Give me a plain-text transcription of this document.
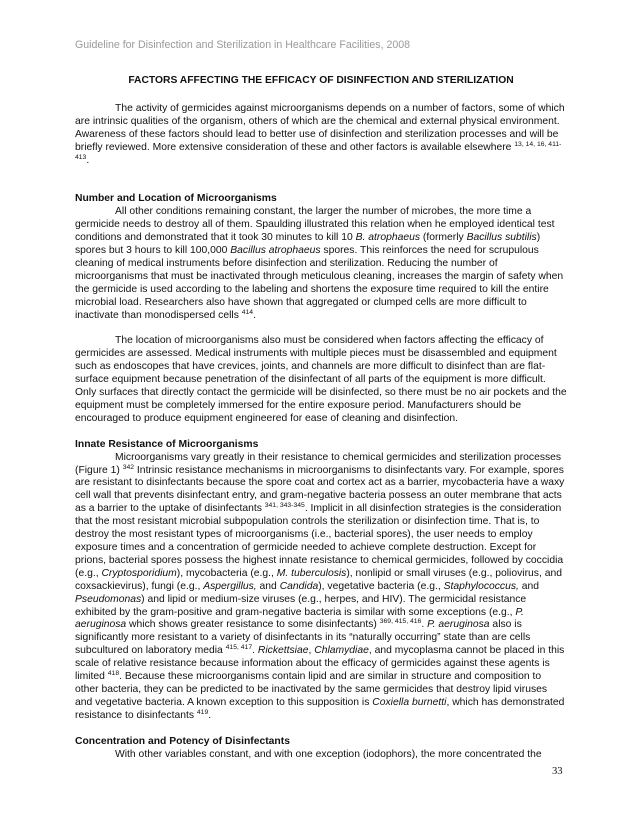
Guideline for Disinfection and Sterilization in Healthcare Facilities, 2008
FACTORS AFFECTING THE EFFICACY OF DISINFECTION AND STERILIZATION

The activity of germicides against microorganisms depends on a number of factors, some of which are intrinsic qualities of the organism, others of which are the chemical and external physical environment. Awareness of these factors should lead to better use of disinfection and sterilization processes and will be briefly reviewed. More extensive consideration of these and other factors is available elsewhere $^{13, 14, 16, 411-413}$.

Number and Location of Microorganisms

All other conditions remaining constant, the larger the number of microbes, the more time a germicide needs to destroy all of them. Spaulding illustrated this relation when he employed identical test conditions and demonstrated that it took 30 minutes to kill 10 B. atrophaeus (formerly Bacillus subtilis) spores but 3 hours to kill 100,000 Bacillus atrophaeus spores. This reinforces the need for scrupulous cleaning of medical instruments before disinfection and sterilization. Reducing the number of microorganisms that must be inactivated through meticulous cleaning, increases the margin of safety when the germicide is used according to the labeling and shortens the exposure time required to kill the entire microbial load. Researchers also have shown that aggregated or clumped cells are more difficult to inactivate than monodispersed cells $^{414}$.

The location of microorganisms also must be considered when factors affecting the efficacy of germicides are assessed. Medical instruments with multiple pieces must be disassembled and equipment such as endoscopes that have crevices, joints, and channels are more difficult to disinfect than are flat-surface equipment because penetration of the disinfectant of all parts of the equipment is more difficult. Only surfaces that directly contact the germicide will be disinfected, so there must be no air pockets and the equipment must be completely immersed for the entire exposure period. Manufacturers should be encouraged to produce equipment engineered for ease of cleaning and disinfection.

Innate Resistance of Microorganisms

Microorganisms vary greatly in their resistance to chemical germicides and sterilization processes (Figure 1) $^{342}$ Intrinsic resistance mechanisms in microorganisms to disinfectants vary. For example, spores are resistant to disinfectants because the spore coat and cortex act as a barrier, mycobacteria have a waxy cell wall that prevents disinfectant entry, and gram-negative bacteria possess an outer membrane that acts as a barrier to the uptake of disinfectants $^{341, 343-345}$. Implicit in all disinfection strategies is the consideration that the most resistant microbial subpopulation controls the sterilization or disinfection time. That is, to destroy the most resistant types of microorganisms (i.e., bacterial spores), the user needs to employ exposure times and a concentration of germicide needed to achieve complete destruction. Except for prions, bacterial spores possess the highest innate resistance to chemical germicides, followed by coccidia (e.g., Cryptosporidium), mycobacteria (e.g., M. tuberculosis), nonlipid or small viruses (e.g., poliovirus, and coxsackievirus), fungi (e.g., Aspergillus, and Candida), vegetative bacteria (e.g., Staphylococcus, and Pseudomonas) and lipid or medium-size viruses (e.g., herpes, and HIV). The germicidal resistance exhibited by the gram-positive and gram-negative bacteria is similar with some exceptions (e.g., P. aeruginosa which shows greater resistance to some disinfectants) $^{369, 415, 416}$. P. aeruginosa also is significantly more resistant to a variety of disinfectants in its “naturally occurring” state than are cells subcultured on laboratory media $^{415, 417}$. Rickettsiae, Chlamydiae, and mycoplasma cannot be placed in this scale of relative resistance because information about the efficacy of germicides against these agents is limited $^{418}$. Because these microorganisms contain lipid and are similar in structure and composition to other bacteria, they can be predicted to be inactivated by the same germicides that destroy lipid viruses and vegetative bacteria. A known exception to this supposition is Coxiella burnetti, which has demonstrated resistance to disinfectants $^{419}$.

Concentration and Potency of Disinfectants

With other variables constant, and with one exception (iodophors), the more concentrated the

33
